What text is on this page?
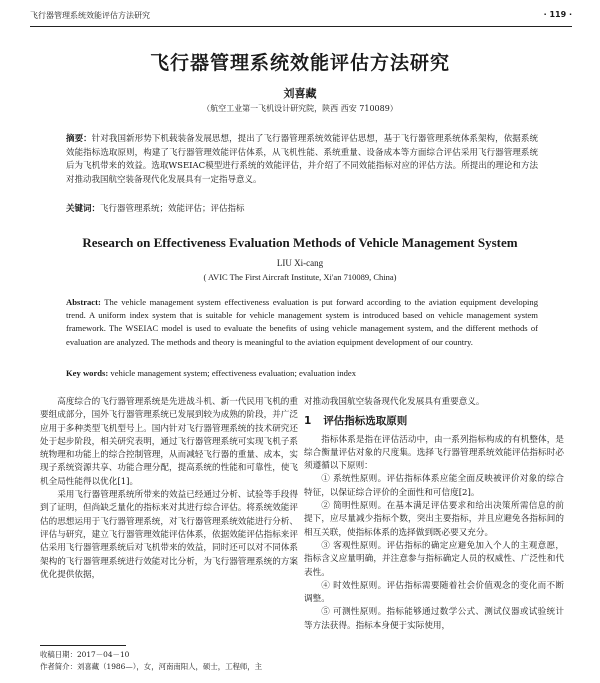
飞行器管理系统效能评估方法研究	· 119 ·
飞行器管理系统效能评估方法研究
刘喜藏
（航空工业第一飞机设计研究院，陕西 西安 710089）
摘要：针对我国新形势下机载装备发展思想，提出了飞行器管理系统效能评估思想，基于飞行器管理系统体系架构，依据系统效能指标选取原则，构建了飞行器管理效能评估体系，从飞机性能、系统重量、设备成本等方面综合评估采用飞行器管理系统后为飞机带来的效益。选取WSEIAC模型进行系统的效能评估，并介绍了不同效能指标对应的评估方法。所提出的理论和方法对推动我国航空装备现代化发展具有一定指导意义。
关键词：飞行器管理系统；效能评估；评估指标
Research on Effectiveness Evaluation Methods of Vehicle Management System
LIU Xi-cang
( AVIC The First Aircraft Institute, Xi'an 710089, China)
Abstract: The vehicle management system effectiveness evaluation is put forward according to the aviation equipment developing trend. A uniform index system that is suitable for vehicle management system is introduced based on vehicle management system framework. The WSEIAC model is used to evaluate the benefits of using vehicle management system, and the different methods of evaluation are analyzed. The methods and theory is meaningful to the aviation equipment development of our country.
Key words: vehicle management system; effectiveness evaluation; evaluation index

高度综合的飞行器管理系统是先进战斗机、新一代民用飞机的重要组成部分，国外飞行器管理系统已发展到较为成熟的阶段，并广泛应用于多种类型飞机型号上。国内针对飞行器管理系统的技术研究还处于起步阶段，相关研究表明，通过飞行器管理系统可实现飞机子系统物理和功能上的综合控制管理，从而减轻飞行器的重量、成本，实现子系统资源共享、功能合理分配，提高系统的性能和可靠性，使飞机全局性能得以优化[1]。

采用飞行器管理系统所带来的效益已经通过分析、试验等手段得到了证明，但尚缺乏量化的指标来对其进行综合评估。将系统效能评估的思想运用于飞行器管理系统，对飞行器管理系统效能进行分析、评估与研究，建立飞行器管理效能评估体系，依据效能评估指标来评估采用飞行器管理系统后对飞机带来的效益，同时还可以对不同体系架构的飞行器管理系统进行效能对比分析，为飞行器管理系统的方案优化提供依据，

对推动我国航空装备现代化发展具有重要意义。

1 评估指标选取原则

指标体系是指在评估活动中，由一系列指标构成的有机整体，是综合衡量评估对象的尺度集。选择飞行器管理系统效能评估指标时必须遵循以下原则：

① 系统性原则。评估指标体系应能全面反映被评价对象的综合特征，以保证综合评价的全面性和可信度[2]。

② 简明性原则。在基本满足评估要求和给出决策所需信息的前提下，应尽量减少指标个数，突出主要指标，并且应避免各指标间的相互关联，使指标体系的选择做到既必要又充分。

③ 客观性原则。评估指标的确定应避免加入个人的主观意愿，指标含义应量明确，并注意参与指标确定人员的权威性、广泛性和代表性。

④ 时效性原则。评估指标需要随着社会价值观念的变化而不断调整。

⑤ 可测性原则。指标能够通过数学公式、测试仪器或试验统计等方法获得。指标本身便于实际使用，

收稿日期：2017－04－10
作者简介：刘喜藏（1986—），女，河南南阳人，硕士，工程师，主
